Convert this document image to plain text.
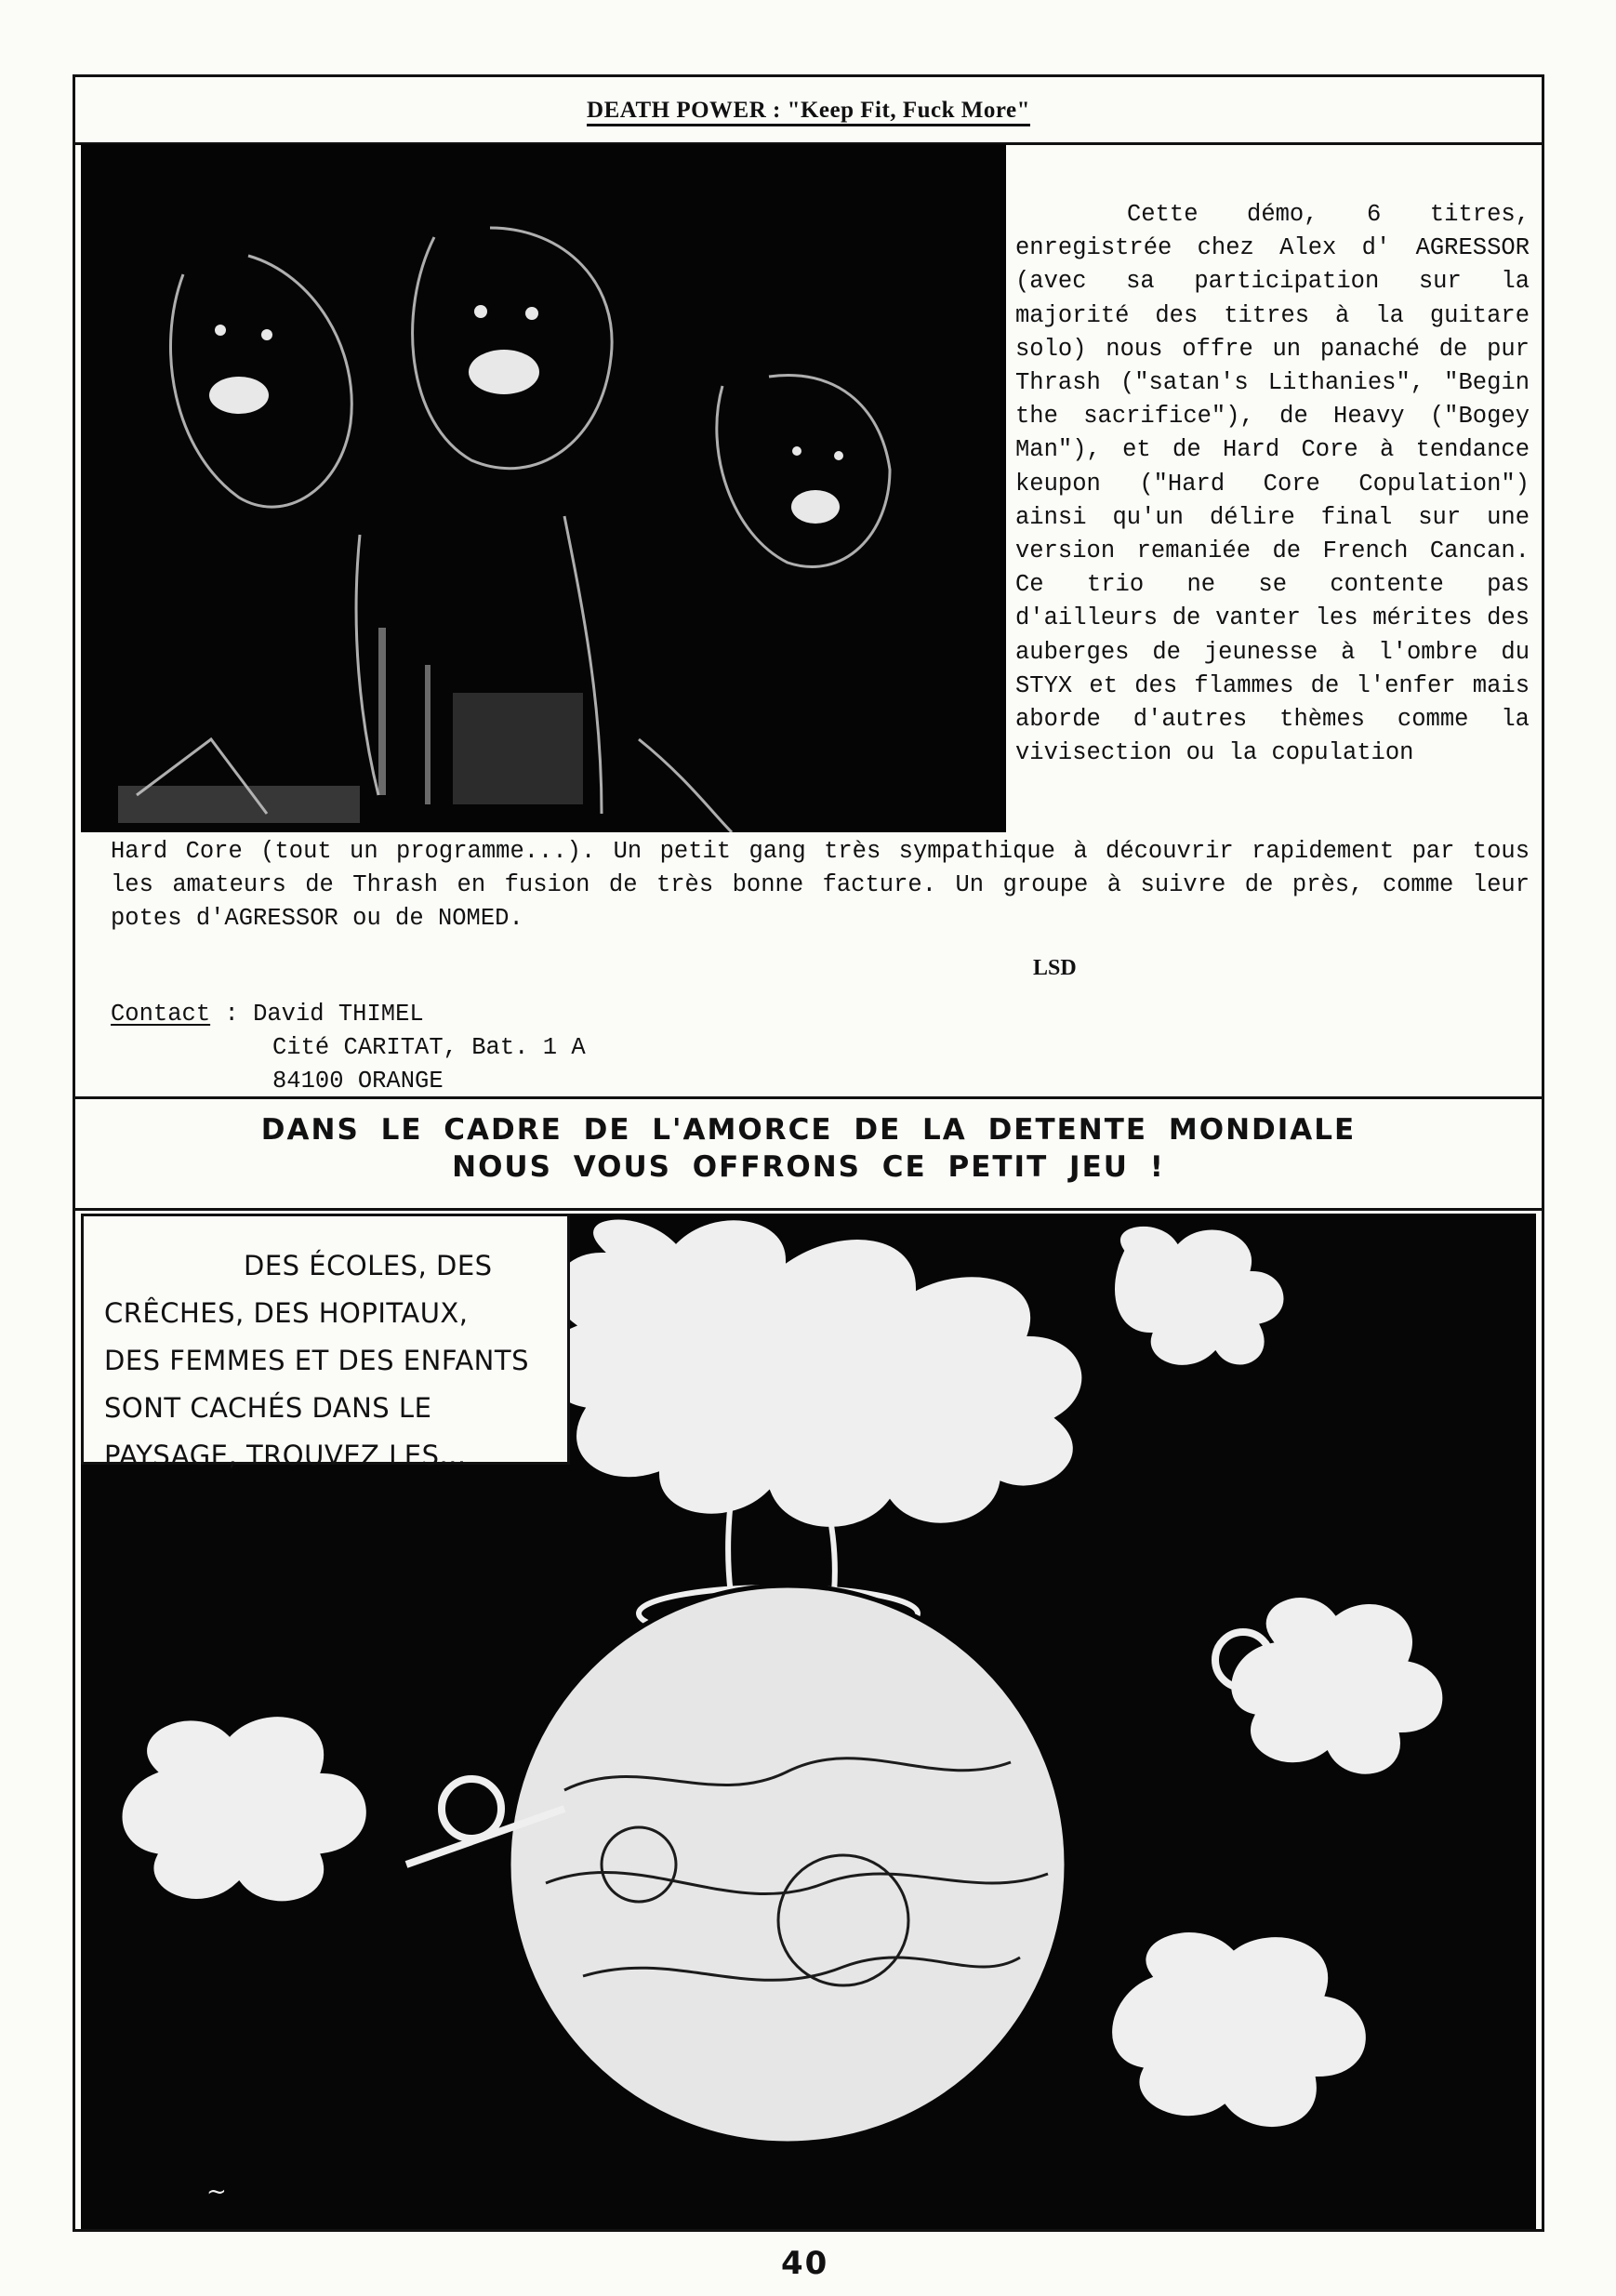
DEATH POWER : "Keep Fit, Fuck More"
Cette démo, 6 titres, enregistrée chez Alex d' AGRESSOR (avec sa participation sur la majorité des titres à la guitare solo) nous offre un panaché de pur Thrash ("satan's Lithanies", "Begin the sacrifice"), de Heavy ("Bogey Man"), et de Hard Core à tendance keupon ("Hard Core Copulation") ainsi qu'un délire final sur une version remaniée de French Cancan. Ce trio ne se contente pas d'ailleurs de vanter les mérites des auberges de jeunesse à l'ombre du STYX et des flammes de l'enfer mais aborde d'autres thèmes comme la vivisection ou la copulation
Hard Core (tout un programme...). Un petit gang très sympathique à découvrir rapidement par tous les amateurs de Thrash en fusion de très bonne facture. Un groupe à suivre de près, comme leur potes d'AGRESSOR ou de NOMED.
LSD
Contact : David THIMEL
Cité CARITAT, Bat. 1 A
84100 ORANGE
DANS LE CADRE DE L'AMORCE DE LA DETENTE MONDIALE
NOUS VOUS OFFRONS CE PETIT JEU !
~
DES ÉCOLES, DES
CRÊCHES, DES HOPITAUX,
DES FEMMES ET DES ENFANTS
SONT CACHÉS DANS LE
PAYSAGE, TROUVEZ LES...
40
